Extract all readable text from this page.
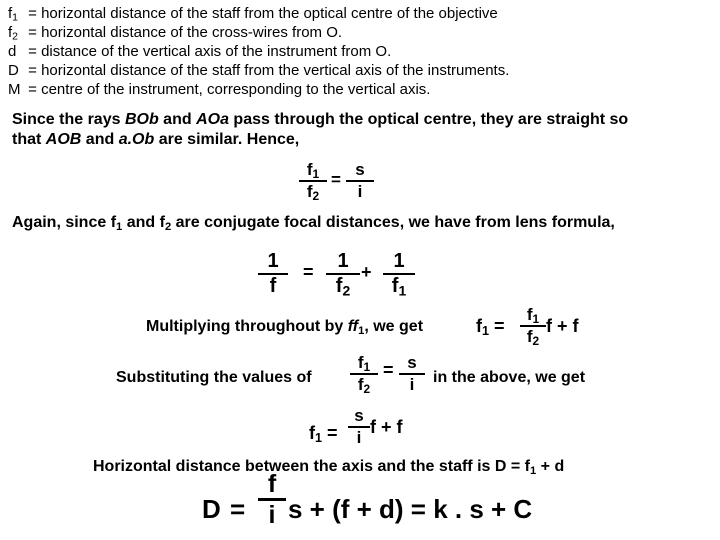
$f_1$ = horizontal distance of the staff from the optical centre of the objective
$f_2$ = horizontal distance of the cross-wires from O.
d = distance of the vertical axis of the instrument from O.
D = horizontal distance of the staff from the vertical axis of the instruments.
M = centre of the instrument, corresponding to the vertical axis.
Since the rays BOb and AOa pass through the optical centre, they are straight so
that AOB and a.Ob are similar. Hence,
$f_1$
$f_2$
=
s
i
Again, since $f_1$ and $f_2$ are conjugate focal distances, we have from lens formula,
1
f
=	1
$f_2$
+	1
$f_1$
Multiplying throughout by $ff_1$, we get	$f_1$ =
$f_1$
$f_2$
f + f
Substituting the values of
$f_1$
$f_2$
= s
i	in the above, we get
$f_1$ =
s
i
f + f
Horizontal distance between the axis and the staff is $D = f_1 + d$
D =
f
i s + (f + d) = k . s + C
